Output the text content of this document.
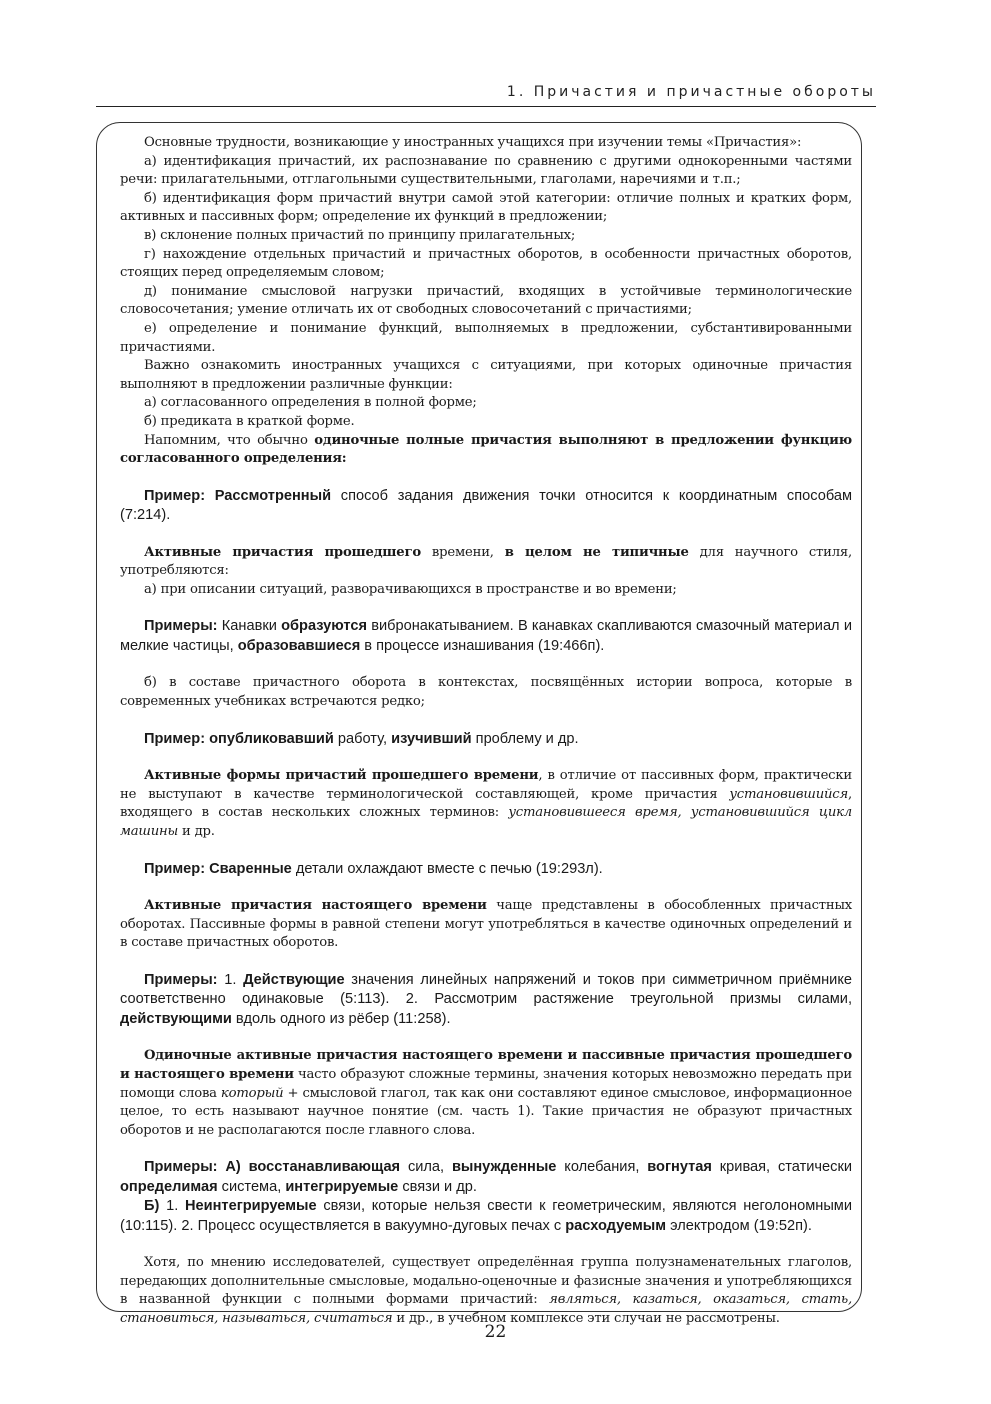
1. Причастия и причастные обороты

Основные трудности, возникающие у иностранных учащихся при изучении темы «Причастия»:

а) идентификация причастий, их распознавание по сравнению с другими однокоренными частями речи: прилагательными, отглагольными существительными, глаголами, наречиями и т.п.;

б) идентификация форм причастий внутри самой этой категории: отличие полных и кратких форм, активных и пассивных форм; определение их функций в предложении;

в) склонение полных причастий по принципу прилагательных;

г) нахождение отдельных причастий и причастных оборотов, в особенности причастных оборотов, стоящих перед определяемым словом;

д) понимание смысловой нагрузки причастий, входящих в устойчивые терминологические словосочетания; умение отличать их от свободных словосочетаний с причастиями;

е) определение и понимание функций, выполняемых в предложении, субстантивированными причастиями.

Важно ознакомить иностранных учащихся с ситуациями, при которых одиночные причастия выполняют в предложении различные функции:

а) согласованного определения в полной форме;

б) предиката в краткой форме.

Напомним, что обычно одиночные полные причастия выполняют в предложении функцию согласованного определения:

Пример: Рассмотренный способ задания движения точки относится к координатным способам (7:214).

Активные причастия прошедшего времени, в целом не типичные для научного стиля, употребляются:

а) при описании ситуаций, разворачивающихся в пространстве и во времени;

Примеры: Канавки образуются вибронакатыванием. В канавках скапливаются смазочный материал и мелкие частицы, образовавшиеся в процессе изнашивания (19:466п).

б) в составе причастного оборота в контекстах, посвящённых истории вопроса, которые в современных учебниках встречаются редко;

Пример: опубликовавший работу, изучивший проблему и др.

Активные формы причастий прошедшего времени, в отличие от пассивных форм, практически не выступают в качестве терминологической составляющей, кроме причастия установившийся, входящего в состав нескольких сложных терминов: установившееся время, установившийся цикл машины и др.

Пример: Сваренные детали охлаждают вместе с печью (19:293л).

Активные причастия настоящего времени чаще представлены в обособленных причастных оборотах. Пассивные формы в равной степени могут употребляться в качестве одиночных определений и в составе причастных оборотов.

Примеры: 1. Действующие значения линейных напряжений и токов при симметричном приёмнике соответственно одинаковые (5:113). 2. Рассмотрим растяжение треугольной призмы силами, действующими вдоль одного из рёбер (11:258).

Одиночные активные причастия настоящего времени и пассивные причастия прошедшего и настоящего времени часто образуют сложные термины, значения которых невозможно передать при помощи слова который + смысловой глагол, так как они составляют единое смысловое, информационное целое, то есть называют научное понятие (см. часть 1). Такие причастия не образуют причастных оборотов и не располагаются после главного слова.

Примеры: А) восстанавливающая сила, вынужденные колебания, вогнутая кривая, статически определимая система, интегрируемые связи и др.

Б) 1. Неинтегрируемые связи, которые нельзя свести к геометрическим, являются неголономными (10:115). 2. Процесс осуществляется в вакуумно-дуговых печах с расходуемым электродом (19:52п).

Хотя, по мнению исследователей, существует определённая группа полузнаменательных глаголов, передающих дополнительные смысловые, модально-оценочные и фазисные значения и употребляющихся в названной функции с полными формами причастий: являться, казаться, оказаться, стать, становиться, называться, считаться и др., в учебном комплексе эти случаи не рассмотрены.

22
